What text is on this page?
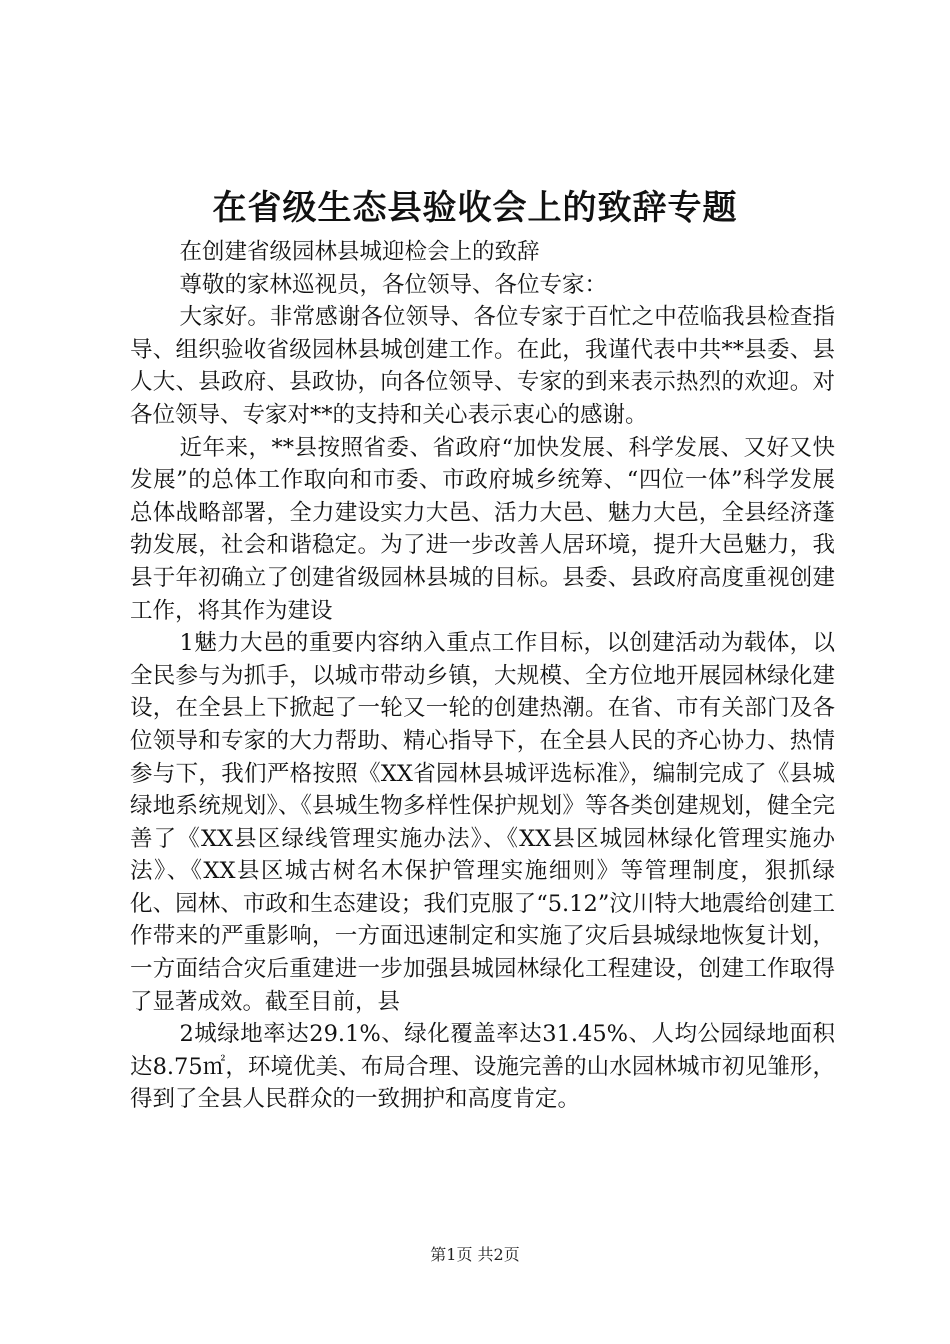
在省级生态县验收会上的致辞专题

在创建省级园林县城迎检会上的致辞

尊敬的家林巡视员，各位领导、各位专家：

大家好。非常感谢各位领导、各位专家于百忙之中莅临我县检查指导、组织验收省级园林县城创建工作。在此，我谨代表中共**县委、县人大、县政府、县政协，向各位领导、专家的到来表示热烈的欢迎。对各位领导、专家对**的支持和关心表示衷心的感谢。

近年来，**县按照省委、省政府“加快发展、科学发展、又好又快发展”的总体工作取向和市委、市政府城乡统筹、“四位一体”科学发展总体战略部署，全力建设实力大邑、活力大邑、魅力大邑，全县经济蓬勃发展，社会和谐稳定。为了进一步改善人居环境，提升大邑魅力，我县于年初确立了创建省级园林县城的目标。县委、县政府高度重视创建工作，将其作为建设

1魅力大邑的重要内容纳入重点工作目标，以创建活动为载体，以全民参与为抓手，以城市带动乡镇，大规模、全方位地开展园林绿化建设，在全县上下掀起了一轮又一轮的创建热潮。在省、市有关部门及各位领导和专家的大力帮助、精心指导下，在全县人民的齐心协力、热情参与下，我们严格按照《XX省园林县城评选标准》，编制完成了《县城绿地系统规划》、《县城生物多样性保护规划》等各类创建规划，健全完善了《XX县区绿线管理实施办法》、《XX县区城园林绿化管理实施办法》、《XX县区城古树名木保护管理实施细则》等管理制度，狠抓绿化、园林、市政和生态建设；我们克服了“5.12”汶川特大地震给创建工作带来的严重影响，一方面迅速制定和实施了灾后县城绿地恢复计划，一方面结合灾后重建进一步加强县城园林绿化工程建设，创建工作取得了显著成效。截至目前，县

2城绿地率达29.1%、绿化覆盖率达31.45%、人均公园绿地面积达8.75㎡，环境优美、布局合理、设施完善的山水园林城市初见雏形，得到了全县人民群众的一致拥护和高度肯定。

第1页 共2页
